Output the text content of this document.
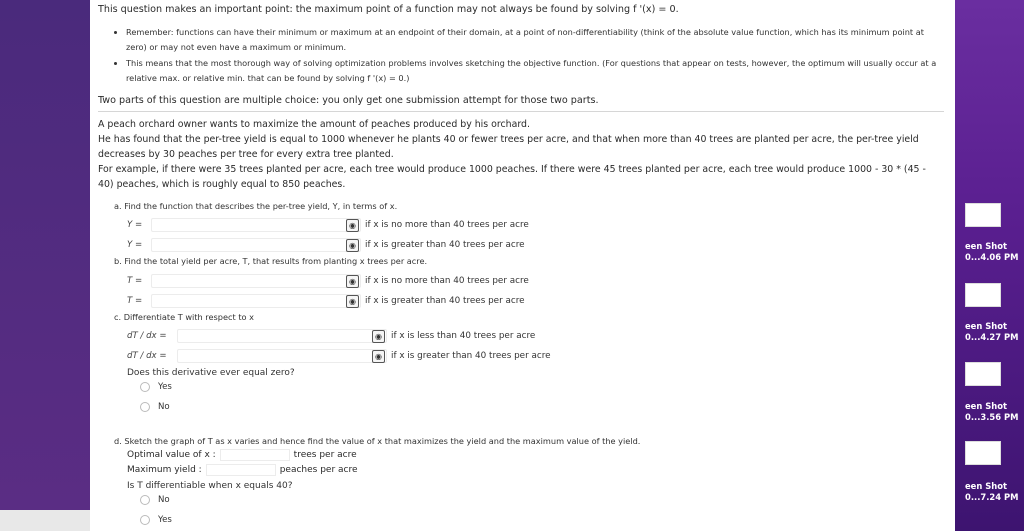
This question makes an important point: the maximum point of a function may not always be found by solving f '(x) = 0.
• Remember: functions can have their minimum or maximum at an endpoint of their domain, at a point of non-differentiability (think of the absolute value function, which has its minimum point at zero) or may not even have a maximum or minimum.
• This means that the most thorough way of solving optimization problems involves sketching the objective function. (For questions that appear on tests, however, the optimum will usually occur at a relative max. or relative min. that can be found by solving f '(x) = 0.)
Two parts of this question are multiple choice: you only get one submission attempt for those two parts.
A peach orchard owner wants to maximize the amount of peaches produced by his orchard.
He has found that the per-tree yield is equal to 1000 whenever he plants 40 or fewer trees per acre, and that when more than 40 trees are planted per acre, the per-tree yield decreases by 30 peaches per tree for every extra tree planted.
For example, if there were 35 trees planted per acre, each tree would produce 1000 peaches. If there were 45 trees planted per acre, each tree would produce 1000 - 30 * (45 - 40) peaches, which is roughly equal to 850 peaches.
a. Find the function that describes the per-tree yield, Y, in terms of x.
Y =	◉	if x is no more than 40 trees per acre
Y =	◉	if x is greater than 40 trees per acre
b. Find the total yield per acre, T, that results from planting x trees per acre.
T =	◉	if x is no more than 40 trees per acre
T =	◉	if x is greater than 40 trees per acre
c. Differentiate T with respect to x
dT / dx =	◉	if x is less than 40 trees per acre
dT / dx =	◉	if x is greater than 40 trees per acre
Does this derivative ever equal zero?
Yes
No
d. Sketch the graph of T as x varies and hence find the value of x that maximizes the yield and the maximum value of the yield.
Optimal value of x :	trees per acre
Maximum yield :	peaches per acre
Is T differentiable when x equals 40?
No
Yes
een Shot
0...4.06 PM
een Shot
0...4.27 PM
een Shot
0...3.56 PM
een Shot
0...7.24 PM
